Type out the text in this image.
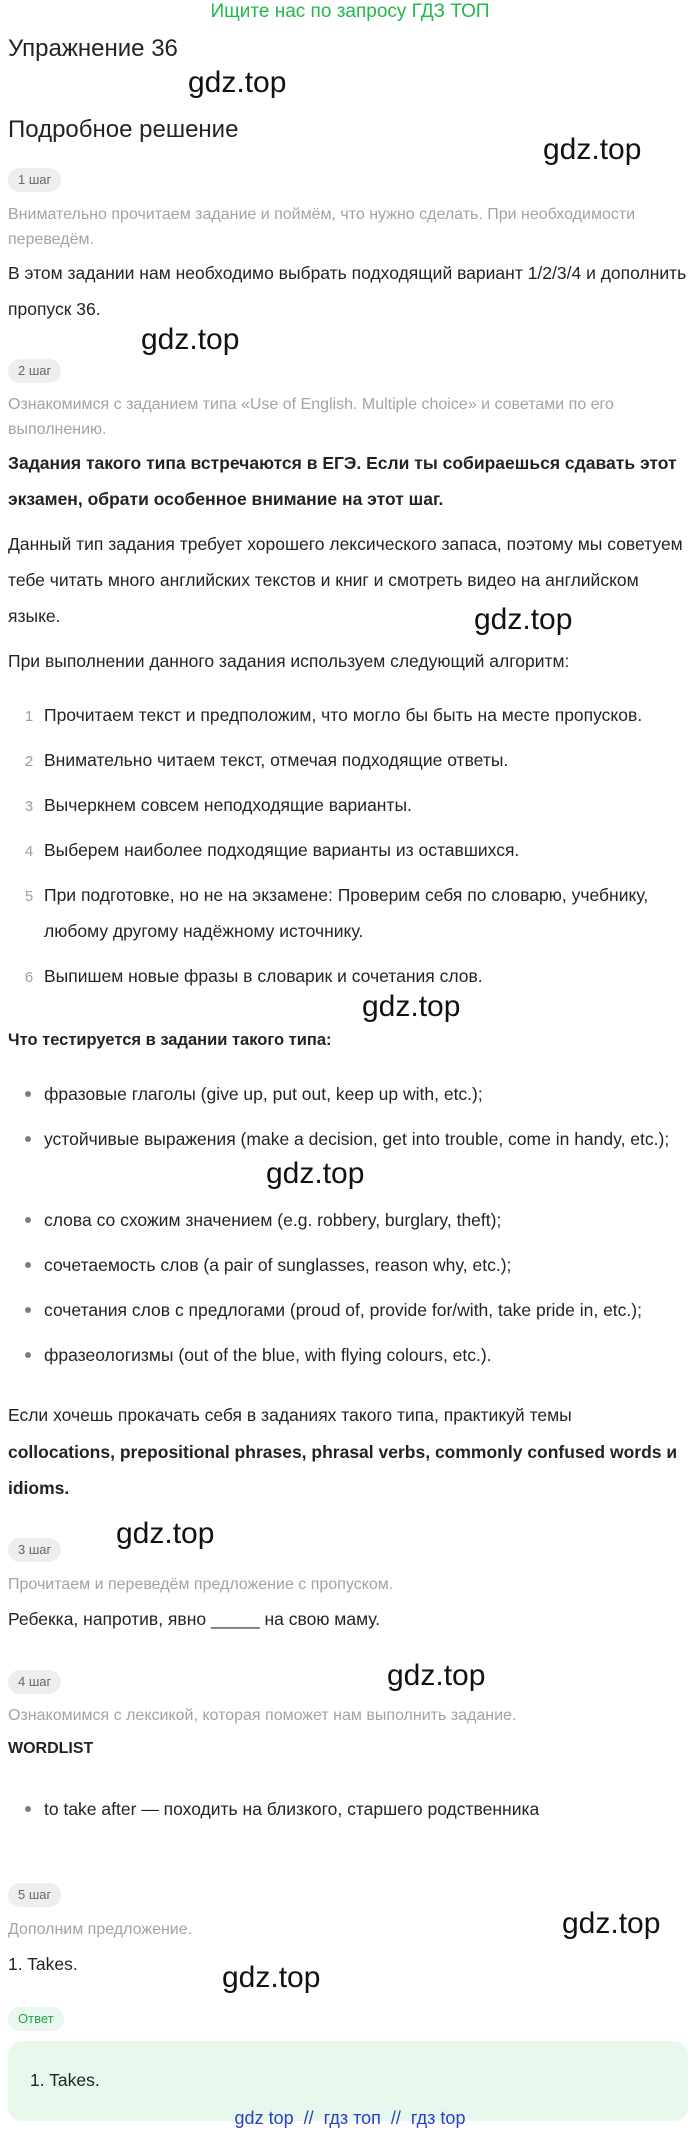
Ищите нас по запросу ГДЗ ТОП
Упражнение 36
gdz.top
Подробное решение
gdz.top
1 шаг
Внимательно прочитаем задание и поймём, что нужно сделать. При необходимости переведём.
В этом задании нам необходимо выбрать подходящий вариант 1/2/3/4 и дополнить пропуск 36.
gdz.top
2 шаг
Ознакомимся с заданием типа «Use of English. Multiple choice» и советами по его выполнению.
Задания такого типа встречаются в ЕГЭ. Если ты собираешься сдавать этот экзамен, обрати особенное внимание на этот шаг.
Данный тип задания требует хорошего лексического запаса, поэтому мы советуем тебе читать много английских текстов и книг и смотреть видео на английском языке.	gdz.top
При выполнении данного задания используем следующий алгоритм:
1 Прочитаем текст и предположим, что могло бы быть на месте пропусков.
2 Внимательно читаем текст, отмечая подходящие ответы.
3 Вычеркнем совсем неподходящие варианты.
4 Выберем наиболее подходящие варианты из оставшихся.
5 При подготовке, но не на экзамене: Проверим себя по словарю, учебнику, любому другому надёжному источнику.
6 Выпишем новые фразы в словарик и сочетания слов.
gdz.top
Что тестируется в задании такого типа:
фразовые глаголы (give up, put out, keep up with, etc.);
устойчивые выражения (make a decision, get into trouble, come in handy, etc.);
gdz.top
слова со схожим значением (e.g. robbery, burglary, theft);
сочетаемость слов (a pair of sunglasses, reason why, etc.);
сочетания слов с предлогами (proud of, provide for/with, take pride in, etc.);
фразеологизмы (out of the blue, with flying colours, etc.).
Если хочешь прокачать себя в заданиях такого типа, практикуй темы
collocations, prepositional phrases, phrasal verbs, commonly confused words и idioms.
3 шаг	gdz.top
Прочитаем и переведём предложение с пропуском.
Ребекка, напротив, явно _____ на свою маму.
gdz.top
4 шаг
Ознакомимся с лексикой, которая поможет нам выполнить задание.
WORDLIST
to take after — походить на близкого, старшего родственника
5 шаг
Дополним предложение.	gdz.top
1. Takes.	gdz.top
Ответ
1. Takes.
gdz top  //  гдз топ  //  гдз top
